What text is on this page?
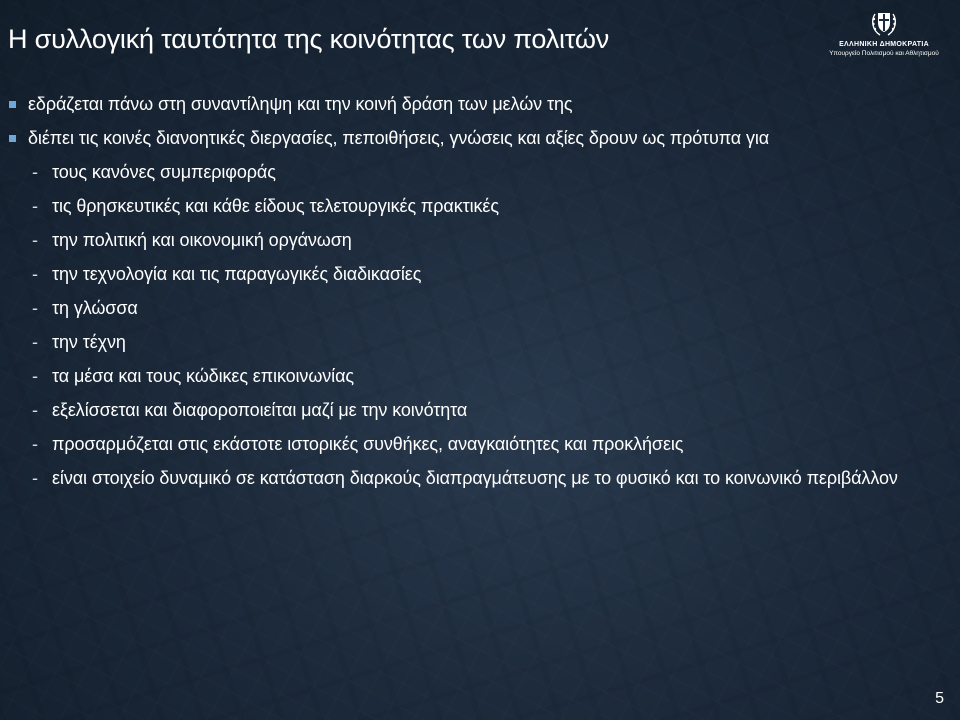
Η συλλογική ταυτότητα της κοινότητας των πολιτών	ΕΛΛΗΝΙΚΗ ΔΗΜΟΚΡΑΤΙΑ
Υπουργείο Πολιτισμού και Αθλητισμού
εδράζεται πάνω στη συναντίληψη και την κοινή δράση των μελών της
διέπει τις κοινές διανοητικές διεργασίες, πεποιθήσεις, γνώσεις και αξίες δρουν ως πρότυπα για
- τους κανόνες συμπεριφοράς
- τις θρησκευτικές και κάθε είδους τελετουργικές πρακτικές
- την πολιτική και οικονομική οργάνωση
- την τεχνολογία και τις παραγωγικές διαδικασίες
- τη γλώσσα
- την τέχνη
- τα μέσα και τους κώδικες επικοινωνίας
- εξελίσσεται και διαφοροποιείται μαζί με την κοινότητα
- προσαρμόζεται στις εκάστοτε ιστορικές συνθήκες, αναγκαιότητες και προκλήσεις
- είναι στοιχείο δυναμικό σε κατάσταση διαρκούς διαπραγμάτευσης με το φυσικό και το κοινωνικό περιβάλλον
5
